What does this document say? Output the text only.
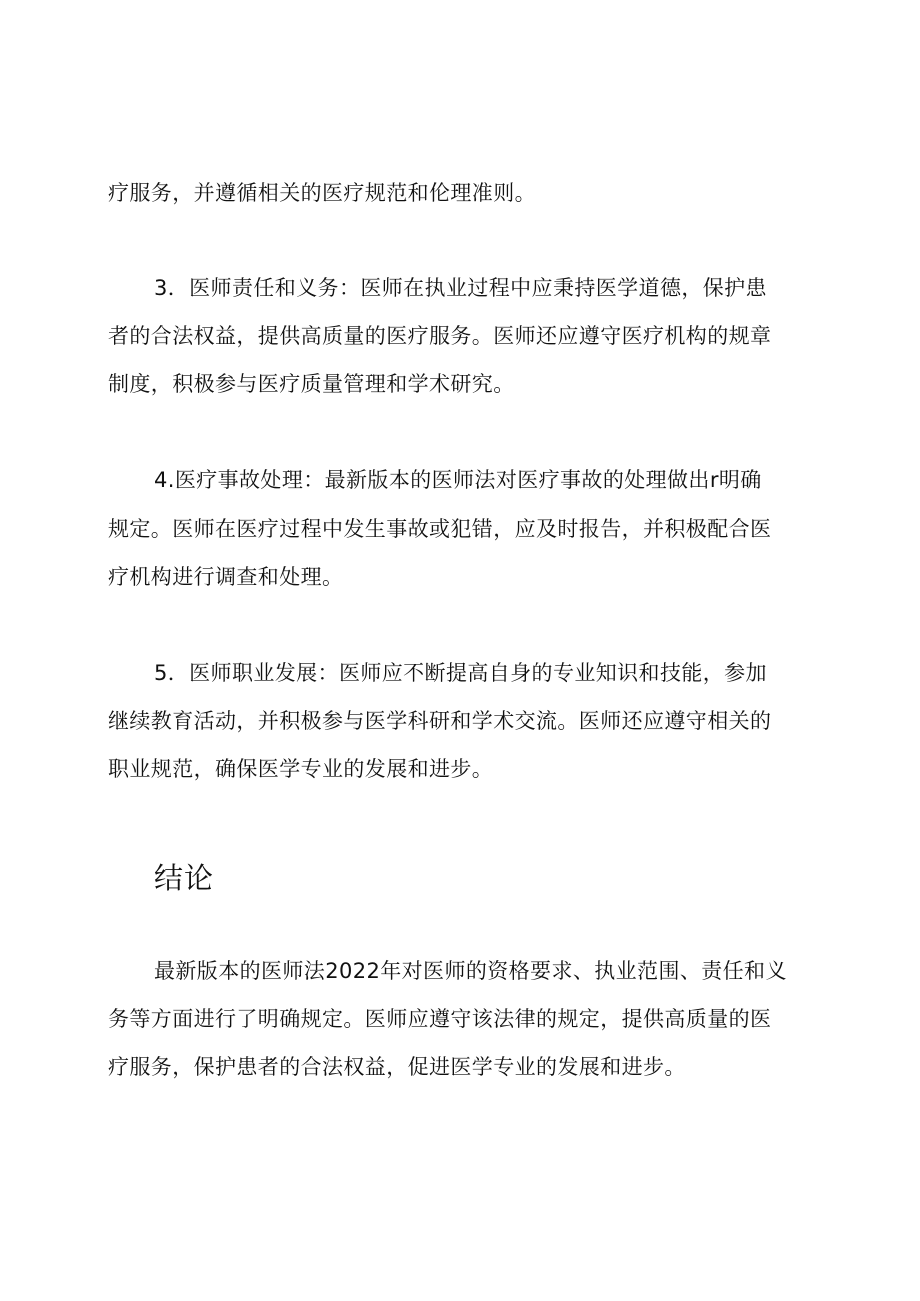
疗服务，并遵循相关的医疗规范和伦理准则。
3．医师责任和义务：医师在执业过程中应秉持医学道德，保护患
者的合法权益，提供高质量的医疗服务。医师还应遵守医疗机构的规章
制度，积极参与医疗质量管理和学术研究。
4.医疗事故处理：最新版本的医师法对医疗事故的处理做出r明确
规定。医师在医疗过程中发生事故或犯错，应及时报告，并积极配合医
疗机构进行调查和处理。
5．医师职业发展：医师应不断提高自身的专业知识和技能，参加
继续教育活动，并积极参与医学科研和学术交流。医师还应遵守相关的
职业规范，确保医学专业的发展和进步。
结论
最新版本的医师法2022年对医师的资格要求、执业范围、责任和义
务等方面进行了明确规定。医师应遵守该法律的规定，提供高质量的医
疗服务，保护患者的合法权益，促进医学专业的发展和进步。
